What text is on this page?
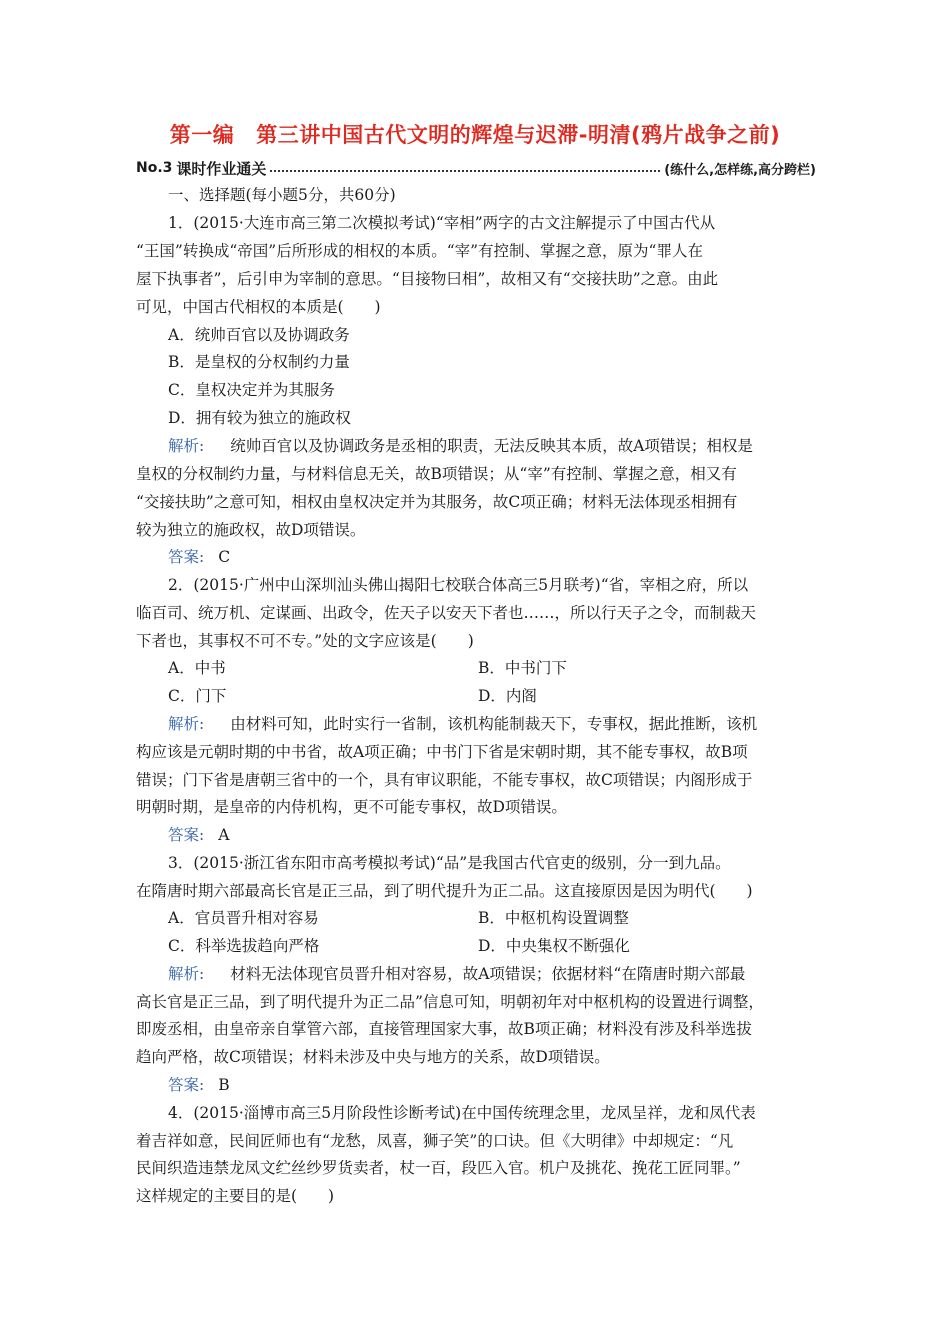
第一编 第三讲中国古代文明的辉煌与迟滞-明清(鸦片战争之前)
No.3 课时作业通关	(练什么,怎样练,高分跨栏)
一、选择题(每小题5分，共60分)
1．(2015·大连市高三第二次模拟考试)“宰相”两字的古文注解提示了中国古代从
“王国”转换成“帝国”后所形成的相权的本质。“宰”有控制、掌握之意，原为“罪人在
屋下执事者”，后引申为宰制的意思。“目接物曰相”，故相又有“交接扶助”之意。由此
可见，中国古代相权的本质是(　　)
A．统帅百官以及协调政务
B．是皇权的分权制约力量
C．皇权决定并为其服务
D．拥有较为独立的施政权
解析: 统帅百官以及协调政务是丞相的职责，无法反映其本质，故A项错误；相权是
皇权的分权制约力量，与材料信息无关，故B项错误；从“宰”有控制、掌握之意，相又有
“交接扶助”之意可知，相权由皇权决定并为其服务，故C项正确；材料无法体现丞相拥有
较为独立的施政权，故D项错误。
答案: C
2．(2015·广州中山深圳汕头佛山揭阳七校联合体高三5月联考)“省，宰相之府，所以
临百司、统万机、定谋画、出政令，佐天子以安天下者也……，所以行天子之令，而制裁天
下者也，其事权不可不专。”处的文字应该是(　　)
A．中书	B．中书门下
C．门下	D．内阁
解析: 由材料可知，此时实行一省制，该机构能制裁天下，专事权，据此推断，该机
构应该是元朝时期的中书省，故A项正确；中书门下省是宋朝时期，其不能专事权，故B项
错误；门下省是唐朝三省中的一个，具有审议职能，不能专事权，故C项错误；内阁形成于
明朝时期，是皇帝的内侍机构，更不可能专事权，故D项错误。
答案: A
3．(2015·浙江省东阳市高考模拟考试)“品”是我国古代官吏的级别，分一到九品。
在隋唐时期六部最高长官是正三品，到了明代提升为正二品。这直接原因是因为明代(　　)
A．官员晋升相对容易	B．中枢机构设置调整
C．科举选拔趋向严格	D．中央集权不断强化
解析: 材料无法体现官员晋升相对容易，故A项错误；依据材料“在隋唐时期六部最
高长官是正三品，到了明代提升为正二品”信息可知，明朝初年对中枢机构的设置进行调整，
即废丞相，由皇帝亲自掌管六部，直接管理国家大事，故B项正确；材料没有涉及科举选拔
趋向严格，故C项错误；材料未涉及中央与地方的关系，故D项错误。
答案: B
4．(2015·淄博市高三5月阶段性诊断考试)在中国传统理念里，龙凤呈祥，龙和凤代表
着吉祥如意，民间匠师也有“龙愁，凤喜，狮子笑”的口诀。但《大明律》中却规定：“凡
民间织造违禁龙凤文纻丝纱罗货卖者，杖一百，段匹入官。机户及挑花、挽花工匠同罪。”
这样规定的主要目的是(　　)
